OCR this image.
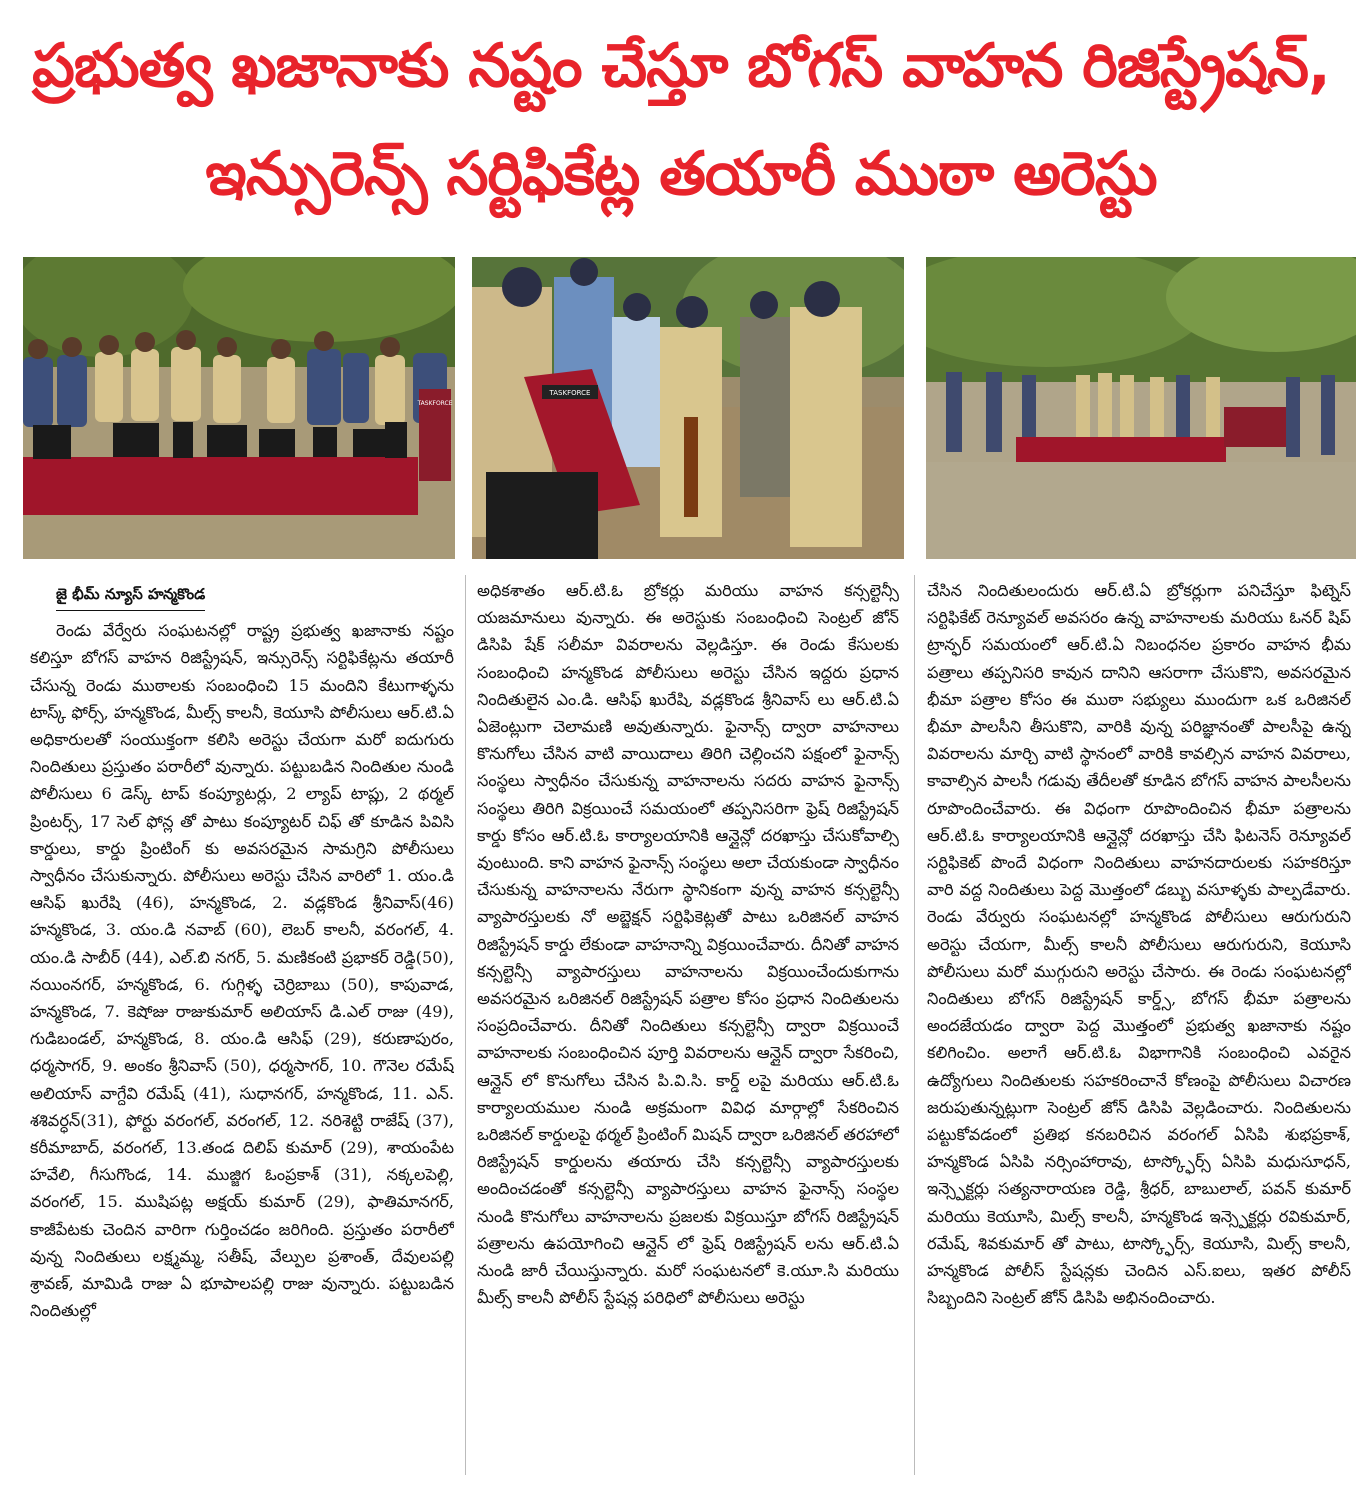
ప్రభుత్వ ఖజానాకు నష్టం చేస్తూ బోగస్ వాహన రిజిస్ట్రేషన్,
ఇన్సురెన్స్ సర్టిఫికేట్ల తయారీ ముఠా అరెస్టు
TASKFORCE
TASKFORCE
జై భీమ్ న్యూస్ హన్మకొండ

రెండు వేర్వేరు సంఘటనల్లో రాష్ట్ర ప్రభుత్వ ఖజానాకు నష్టం కలిస్తూ బోగస్ వాహన రిజిస్ట్రేషన్, ఇన్సురెన్స్ సర్టిఫికేట్లను తయారీ చేసున్న రెండు ముఠాలకు సంబంధించి 15 మందిని కేటుగాళ్ళను టాస్క్ ఫోర్స్, హన్మకొండ, మీల్స్ కాలనీ, కెయూసి పోలీసులు ఆర్.టి.ఏ అధికారులతో సంయుక్తంగా కలిసి అరెస్టు చేయగా మరో ఐదుగురు నిందితులు ప్రస్తుతం పరారీలో వున్నారు. పట్టుబడిన నిందితుల నుండి పోలీసులు 6 డెస్క్ టాప్ కంప్యూటర్లు, 2 ల్యాప్ టాప్లు, 2 థర్మల్ ప్రింటర్స్, 17 సెల్ ఫోన్ల తో పాటు కంప్యూటర్ చిఫ్ తో కూడిన పివిసి కార్డులు, కార్డు ప్రింటింగ్ కు అవసరమైన సామగ్రిని పోలీసులు స్వాధీనం చేసుకున్నారు. పోలీసులు అరెస్టు చేసిన వారిలో 1. యం.డి ఆసిఫ్ ఖురేషి (46), హన్మకొండ, 2. వడ్లకొండ శ్రీనివాస్(46) హన్మకొండ, 3. యం.డి నవాబ్ (60), లెబర్ కాలనీ, వరంగల్, 4. యం.డి సాబీర్ (44), ఎల్.బి నగర్, 5. మణికంటి ప్రభాకర్ రెడ్డి(50), నయింనగర్, హన్మకొండ, 6. గుగ్గిళ్ళ చెర్రిబాబు (50), కాపువాడ, హన్మకొండ, 7. కెషోజు రాజుకుమార్ అలియాస్ డి.ఎల్ రాజు (49), గుడిబండల్, హన్మకొండ, 8. యం.డి ఆసిఫ్ (29), కరుణాపురం, ధర్మసాగర్, 9. అంకం శ్రీనివాస్ (50), ధర్మసాగర్, 10. గౌనెల రమేష్ అలియాస్ వాగ్దేవి రమేష్ (41), సుధానగర్, హన్మకొండ, 11. ఎన్. శశివర్ధన్(31), ఫోర్టు వరంగల్, వరంగల్, 12. నరిశెట్టి రాజేష్ (37), కరీమాబాద్, వరంగల్, 13.తండ దిలిప్ కుమార్ (29), శాయంపేట హవేలి, గీసుగొండ, 14. ముజ్జిగ ఓంప్రకాశ్ (31), నక్కలపెల్లి, వరంగల్, 15. ముషిపట్ల అక్షయ్ కుమార్ (29), ఫాతిమానగర్, కాజీపేటకు చెందిన వారిగా గుర్తించడం జరిగింది. ప్రస్తుతం పరారీలో వున్న నిందితులు లక్ష్మమ్మ, సతీష్, వేల్పుల ప్రశాంత్, దేవులపల్లి శ్రావణ్, మామిడి రాజు ఏ భూపాలపల్లి రాజు వున్నారు. పట్టుబడిన నిందితుల్లో

అధికశాతం ఆర్.టి.ఓ బ్రోకర్లు మరియు వాహన కన్సల్టెన్సీ యజమానులు వున్నారు. ఈ అరెస్టుకు సంబంధించి సెంట్రల్ జోన్ డిసిపి షేక్ సలీమా వివరాలను వెల్లడిస్తూ. ఈ రెండు కేసులకు సంబంధించి హన్మకొండ పోలీసులు అరెస్టు చేసిన ఇద్దరు ప్రధాన నిందితులైన ఎం.డి. ఆసిఫ్ ఖురేషి, వడ్లకొండ శ్రీనివాస్ లు ఆర్.టి.ఏ ఏజెంట్లుగా చెలామణి అవుతున్నారు. ఫైనాన్స్ ద్వారా వాహనాలు కొనుగోలు చేసిన వాటి వాయిదాలు తిరిగి చెల్లించని పక్షంలో ఫైనాన్స్ సంస్థలు స్వాధీనం చేసుకున్న వాహనాలను సదరు వాహన ఫైనాన్స్ సంస్థలు తిరిగి విక్రయించే సమయంలో తప్పనిసరిగా ఫ్రెష్ రిజిస్ట్రేషన్ కార్డు కోసం ఆర్.టి.ఓ కార్యాలయానికి ఆన్లైన్లో దరఖాస్తు చేసుకోవాల్సి వుంటుంది. కాని వాహన ఫైనాన్స్ సంస్థలు అలా చేయకుండా స్వాధీనం చేసుకున్న వాహనాలను నేరుగా స్థానికంగా వున్న వాహన కన్సల్టెన్సీ వ్యాపారస్తులకు నో అబ్జెక్షన్ సర్టిఫికెట్లతో పాటు ఒరిజినల్ వాహన రిజిస్ట్రేషన్ కార్డు లేకుండా వాహనాన్ని విక్రయించేవారు. దీనితో వాహన కన్సల్టెన్సీ వ్యాపారస్తులు వాహనాలను విక్రయించేందుకుగాను అవసరమైన ఒరిజినల్ రిజిస్ట్రేషన్ పత్రాల కోసం ప్రధాన నిందితులను సంప్రదించేవారు. దీనితో నిందితులు కన్సల్టెన్సీ ద్వారా విక్రయించే వాహనాలకు సంబంధించిన పూర్తి వివరాలను ఆన్లైన్ ద్వారా సేకరించి, ఆన్లైన్ లో కొనుగోలు చేసిన పి.వి.సి. కార్డ్ లపై మరియు ఆర్.టి.ఓ కార్యాలయముల నుండి అక్రమంగా వివిధ మార్గాల్లో సేకరించిన ఒరిజినల్ కార్డులపై థర్మల్ ప్రింటింగ్ మిషన్ ద్వారా ఒరిజినల్ తరహాలో రిజిస్ట్రేషన్ కార్డులను తయారు చేసి కన్సల్టెన్సీ వ్యాపారస్తులకు అందించడంతో కన్సల్టెన్సీ వ్యాపారస్తులు వాహన ఫైనాన్స్ సంస్థల నుండి కొనుగోలు వాహనాలను ప్రజలకు విక్రయిస్తూ బోగస్ రిజిస్ట్రేషన్ పత్రాలను ఉపయోగించి ఆన్లైన్ లో ఫ్రెష్ రిజిస్ట్రేషన్ లను ఆర్.టి.ఏ నుండి జారీ చేయిస్తున్నారు. మరో సంఘటనలో కె.యూ.సి మరియు మీల్స్ కాలనీ పోలీస్ స్టేషన్ల పరిధిలో పోలీసులు అరెస్టు

చేసిన నిందితులందురు ఆర్.టి.ఏ బ్రోకర్లుగా పనిచేస్తూ ఫిట్నెస్ సర్టిఫికేట్ రెన్యూవల్ అవసరం ఉన్న వాహనాలకు మరియు ఓనర్ షిప్ ట్రాన్ఫర్ సమయంలో ఆర్.టి.ఏ నిబంధనల ప్రకారం వాహన భీమ పత్రాలు తప్పనిసరి కావున దానిని ఆసరాగా చేసుకొని, అవసరమైన భీమా పత్రాల కోసం ఈ ముఠా సభ్యులు ముందుగా ఒక ఒరిజినల్ భీమా పాలసీని తీసుకొని, వారికి వున్న పరిజ్ఞానంతో పాలసీపై ఉన్న వివరాలను మార్చి వాటి స్థానంలో వారికి కావల్సిన వాహన వివరాలు, కావాల్సిన పాలసీ గడువు తేదీలతో కూడిన బోగస్ వాహన పాలసీలను రూపొందించేవారు. ఈ విధంగా రూపొందించిన భీమా పత్రాలను ఆర్.టి.ఓ కార్యాలయానికి ఆన్లైన్లో దరఖాస్తు చేసి ఫిటనెస్ రెన్యూవల్ సర్టిఫికెట్ పొందే విధంగా నిందితులు వాహనదారులకు సహకరిస్తూ వారి వద్ద నిందితులు పెద్ద మొత్తంలో డబ్బు వసూళ్ళకు పాల్పడేవారు. రెండు వేర్వురు సంఘటనల్లో హన్మకొండ పోలీసులు ఆరుగురుని అరెస్టు చేయగా, మీల్స్ కాలనీ పోలీసులు ఆరుగురుని, కెయూసి పోలీసులు మరో ముగ్గురుని అరెస్టు చేసారు. ఈ రెండు సంఘటనల్లో నిందితులు బోగస్ రిజిస్ట్రేషన్ కార్డ్స్, బోగస్ భీమా పత్రాలను అందజేయడం ద్వారా పెద్ద మొత్తంలో ప్రభుత్వ ఖజానాకు నష్టం కలిగించిం. అలాగే ఆర్.టి.ఓ విభాగానికి సంబంధించి ఎవరైన ఉద్యోగులు నిందితులకు సహకరించానే కోణంపై పోలీసులు విచారణ జరుపుతున్నట్లుగా సెంట్రల్ జోన్ డిసిపి వెల్లడించారు. నిందితులను పట్టుకోవడంలో ప్రతిభ కనబరిచిన వరంగల్ ఏసిపి శుభప్రకాశ్, హన్మకొండ ఏసిపి నర్సింహారావు, టాస్క్ఫోర్స్ ఏసిపి మధుసూధన్, ఇన్స్పెక్టర్లు సత్యనారాయణ రెడ్డి, శ్రీధర్, బాబులాల్, పవన్ కుమార్ మరియు కెయూసి, మిల్స్ కాలనీ, హన్మకొండ ఇన్స్పెక్టర్లు రవికుమార్, రమేష్, శివకుమార్ తో పాటు, టాస్క్ఫోర్స్, కెయూసి, మిల్స్ కాలనీ, హన్మకొండ పోలీస్ స్టేషన్లకు చెందిన ఎస్.ఐలు, ఇతర పోలీస్ సిబ్బందిని సెంట్రల్ జోన్ డిసిపి అభినందించారు.
